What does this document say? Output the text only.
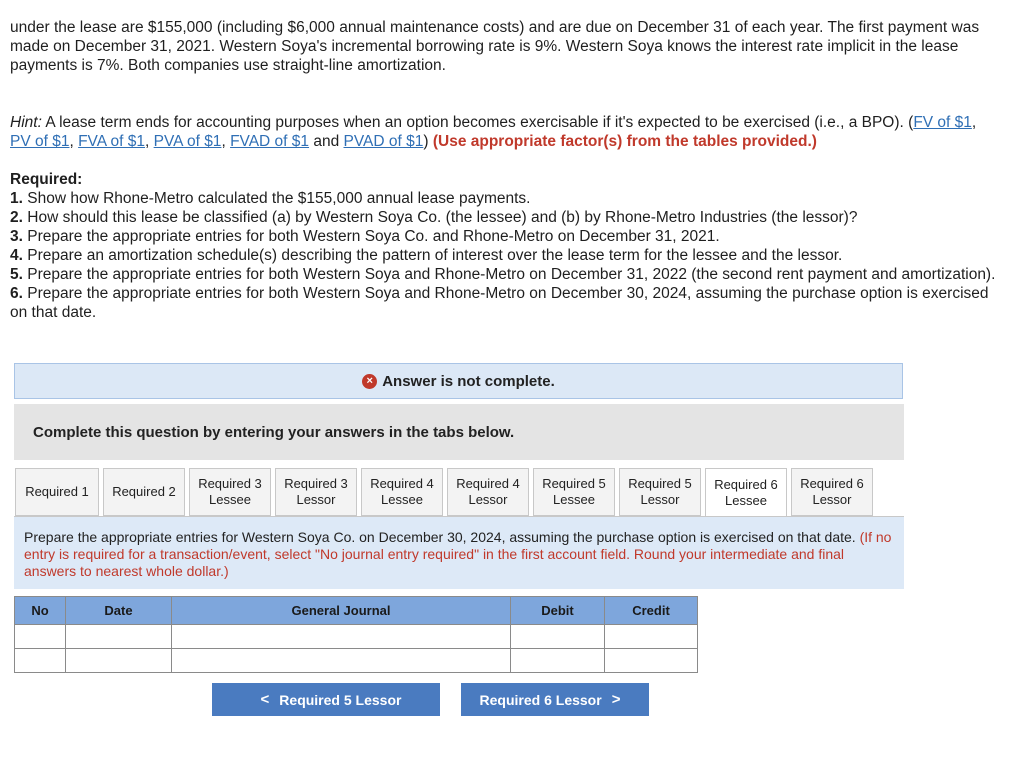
under the lease are $155,000 (including $6,000 annual maintenance costs) and are due on December 31 of each year. The first payment was made on December 31, 2021. Western Soya's incremental borrowing rate is 9%. Western Soya knows the interest rate implicit in the lease payments is 7%. Both companies use straight-line amortization.
Hint: A lease term ends for accounting purposes when an option becomes exercisable if it's expected to be exercised (i.e., a BPO). (FV of $1, PV of $1, FVA of $1, PVA of $1, FVAD of $1 and PVAD of $1) (Use appropriate factor(s) from the tables provided.)
Required:
1. Show how Rhone-Metro calculated the $155,000 annual lease payments.
2. How should this lease be classified (a) by Western Soya Co. (the lessee) and (b) by Rhone-Metro Industries (the lessor)?
3. Prepare the appropriate entries for both Western Soya Co. and Rhone-Metro on December 31, 2021.
4. Prepare an amortization schedule(s) describing the pattern of interest over the lease term for the lessee and the lessor.
5. Prepare the appropriate entries for both Western Soya and Rhone-Metro on December 31, 2022 (the second rent payment and amortization).
6. Prepare the appropriate entries for both Western Soya and Rhone-Metro on December 30, 2024, assuming the purchase option is exercised on that date.
× Answer is not complete.
Complete this question by entering your answers in the tabs below.
Required 1 Required 2
Required 3
Lessee
Required 3
Lessor
Required 4
Lessee
Required 4
Lessor
Required 5
Lessee
Required 5
Lessor
Required 6
Lessee
Required 6
Lessor
Prepare the appropriate entries for Western Soya Co. on December 30, 2024, assuming the purchase option is exercised on that date. (If no entry is required for a transaction/event, select "No journal entry required" in the first account field. Round your intermediate and final answers to nearest whole dollar.)
No	Date	General Journal	Debit	Credit

< Required 5 Lessor	Required 6 Lessor >
